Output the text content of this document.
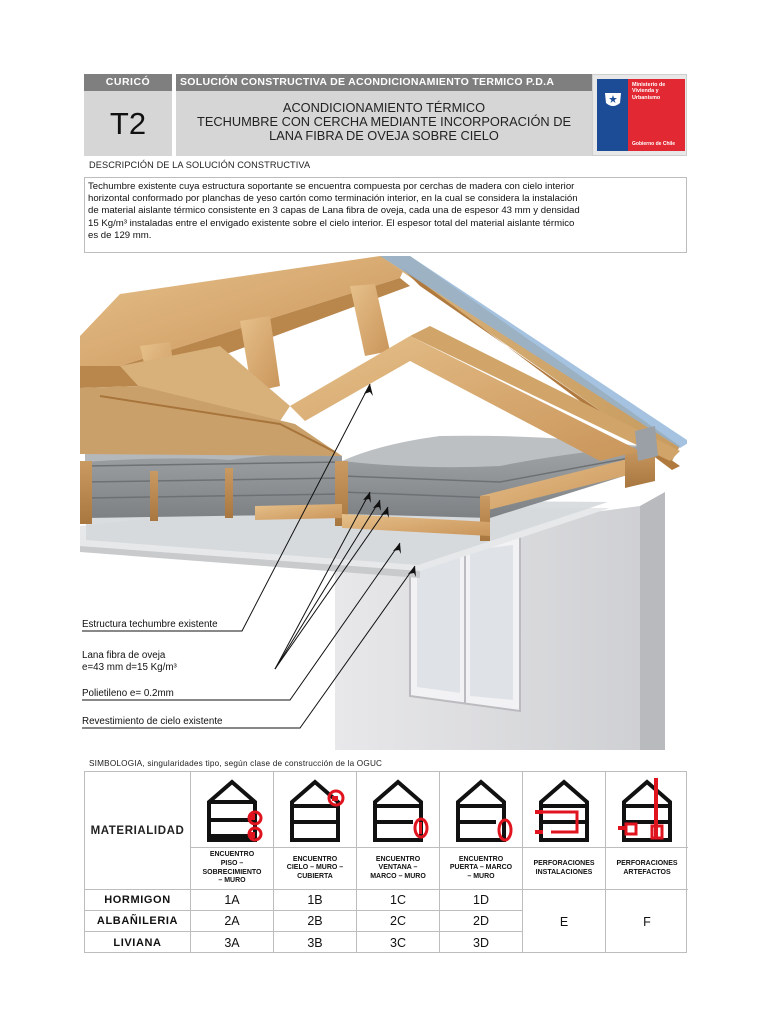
CURICÓ	SOLUCIÓN CONSTRUCTIVA DE ACONDICIONAMIENTO TERMICO P.D.A
T2	ACONDICIONAMIENTO TÉRMICO
TECHUMBRE CON CERCHA MEDIANTE INCORPORACIÓN DE
LANA FIBRA DE OVEJA SOBRE CIELO
Ministerio de
Vivienda y
Urbanismo
Gobierno de Chile
DESCRIPCIÓN DE LA SOLUCIÓN CONSTRUCTIVA
Techumbre existente cuya estructura soportante se encuentra compuesta por cerchas de madera con cielo interior
horizontal conformado por planchas de yeso cartón como terminación interior, en la cual se considera la instalación
de material aislante térmico consistente en 3 capas de Lana fibra de oveja, cada una de espesor 43 mm y densidad
15 Kg/m³ instaladas entre el envigado existente sobre el cielo interior. El espesor total del material aislante térmico
es de 129 mm.
Estructura techumbre existente
Lana fibra de oveja
e=43 mm d=15 Kg/m³
Polietileno e= 0.2mm
Revestimiento de cielo existente
SIMBOLOGIA, singularidades tipo, según clase de construcción de la OGUC
MATERIALIDAD
ENCUENTRO
PISO –
SOBRECIMIENTO
– MURO
ENCUENTRO
CIELO – MURO –
CUBIERTA
ENCUENTRO
VENTANA –
MARCO – MURO
ENCUENTRO
PUERTA – MARCO
– MURO
PERFORACIONES
INSTALACIONES
PERFORACIONES
ARTEFACTOS
HORMIGON	1A	1B	1C	1D
ALBAÑILERIA	2A	2B	2C	2D
LIVIANA	3A	3B	3C	3D
E	F
